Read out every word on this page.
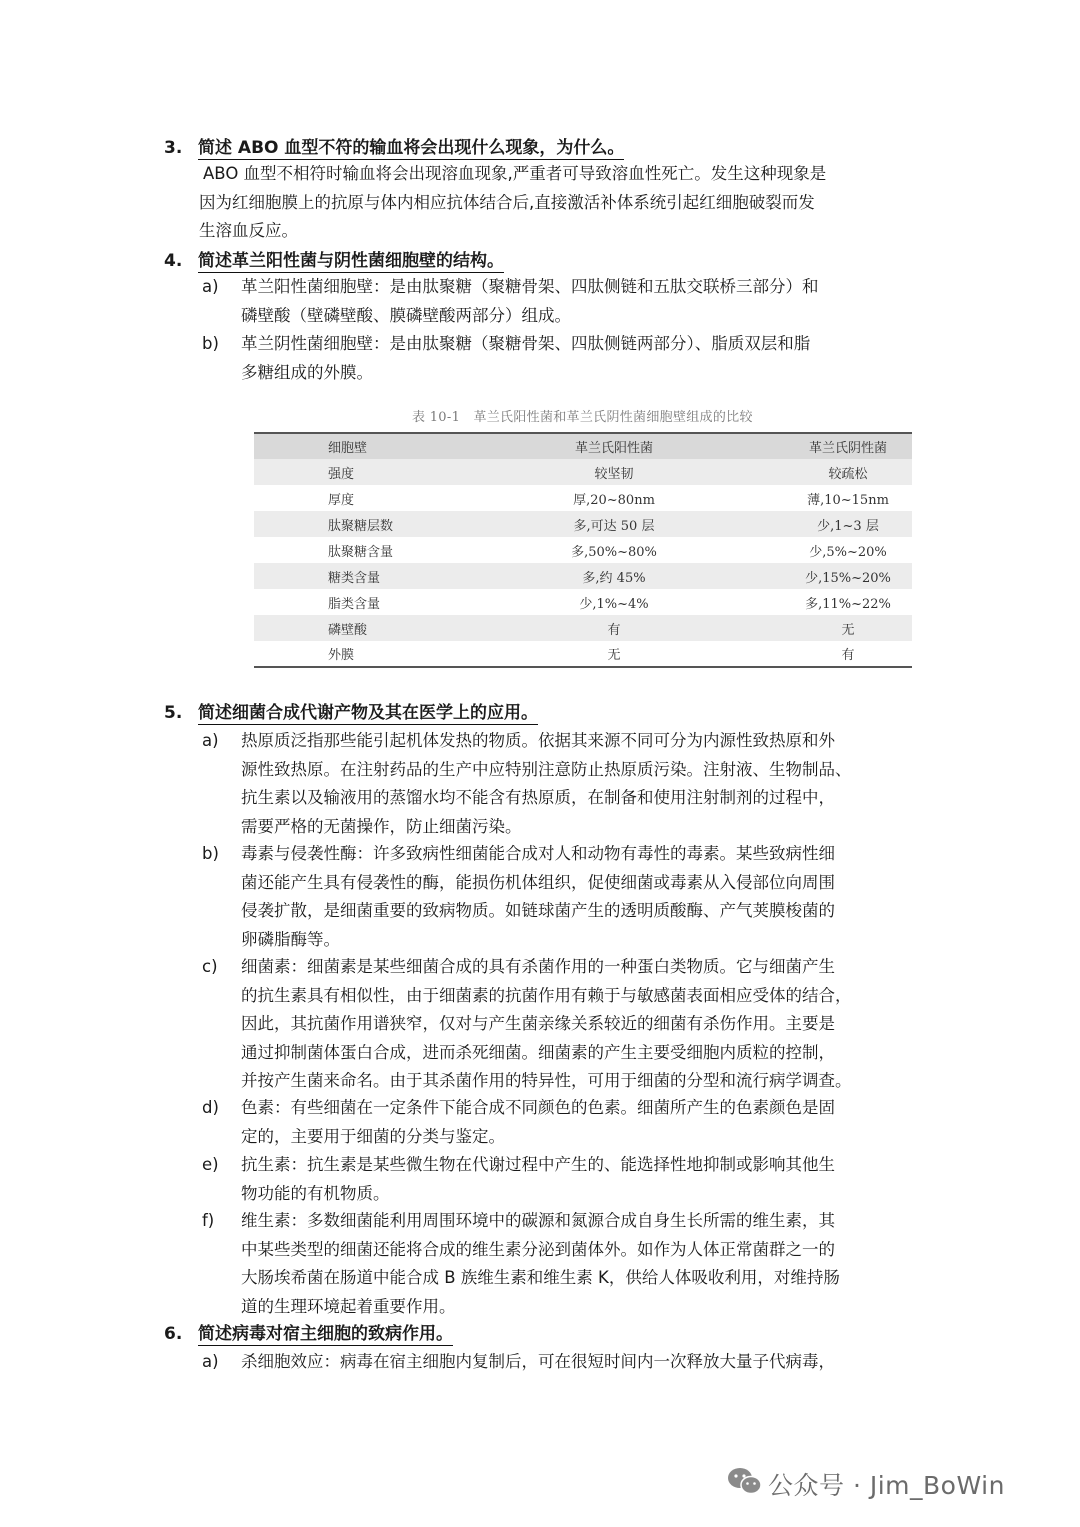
3. 简述 ABO 血型不符的输血将会出现什么现象，为什么。
ABO 血型不相符时输血将会出现溶血现象,严重者可导致溶血性死亡。发生这种现象是
因为红细胞膜上的抗原与体内相应抗体结合后,直接激活补体系统引起红细胞破裂而发
生溶血反应。
4. 简述革兰阳性菌与阴性菌细胞壁的结构。
a)	革兰阳性菌细胞壁：是由肽聚糖（聚糖骨架、四肽侧链和五肽交联桥三部分）和
磷壁酸（壁磷壁酸、膜磷壁酸两部分）组成。
b)	革兰阴性菌细胞壁：是由肽聚糖（聚糖骨架、四肽侧链两部分）、脂质双层和脂
多糖组成的外膜。
表 10-1　革兰氏阳性菌和革兰氏阴性菌细胞壁组成的比较
细胞壁	革兰氏阳性菌	革兰氏阴性菌
强度	较坚韧	较疏松
厚度	厚,20~80nm	薄,10~15nm
肽聚糖层数	多,可达 50 层	少,1~3 层
肽聚糖含量	多,50%~80%	少,5%~20%
糖类含量	多,约 45%	少,15%~20%
脂类含量	少,1%~4%	多,11%~22%
磷壁酸	有	无
外膜	无	有
5. 简述细菌合成代谢产物及其在医学上的应用。
a)	热原质泛指那些能引起机体发热的物质。依据其来源不同可分为内源性致热原和外
源性致热原。在注射药品的生产中应特别注意防止热原质污染。注射液、生物制品、
抗生素以及输液用的蒸馏水均不能含有热原质，在制备和使用注射制剂的过程中，
需要严格的无菌操作，防止细菌污染。
b)	毒素与侵袭性酶：许多致病性细菌能合成对人和动物有毒性的毒素。某些致病性细
菌还能产生具有侵袭性的酶，能损伤机体组织，促使细菌或毒素从入侵部位向周围
侵袭扩散，是细菌重要的致病物质。如链球菌产生的透明质酸酶、产气荚膜梭菌的
卵磷脂酶等。
c)	细菌素：细菌素是某些细菌合成的具有杀菌作用的一种蛋白类物质。它与细菌产生
的抗生素具有相似性，由于细菌素的抗菌作用有赖于与敏感菌表面相应受体的结合，
因此，其抗菌作用谱狭窄，仅对与产生菌亲缘关系较近的细菌有杀伤作用。主要是
通过抑制菌体蛋白合成，进而杀死细菌。细菌素的产生主要受细胞内质粒的控制，
并按产生菌来命名。由于其杀菌作用的特异性，可用于细菌的分型和流行病学调查。
d)	色素：有些细菌在一定条件下能合成不同颜色的色素。细菌所产生的色素颜色是固
定的，主要用于细菌的分类与鉴定。
e)	抗生素：抗生素是某些微生物在代谢过程中产生的、能选择性地抑制或影响其他生
物功能的有机物质。
f)	维生素：多数细菌能利用周围环境中的碳源和氮源合成自身生长所需的维生素，其
中某些类型的细菌还能将合成的维生素分泌到菌体外。如作为人体正常菌群之一的
大肠埃希菌在肠道中能合成 B 族维生素和维生素 K，供给人体吸收利用，对维持肠
道的生理环境起着重要作用。
6. 简述病毒对宿主细胞的致病作用。
a)	杀细胞效应：病毒在宿主细胞内复制后，可在很短时间内一次释放大量子代病毒，
公众号 · Jim_BoWin
